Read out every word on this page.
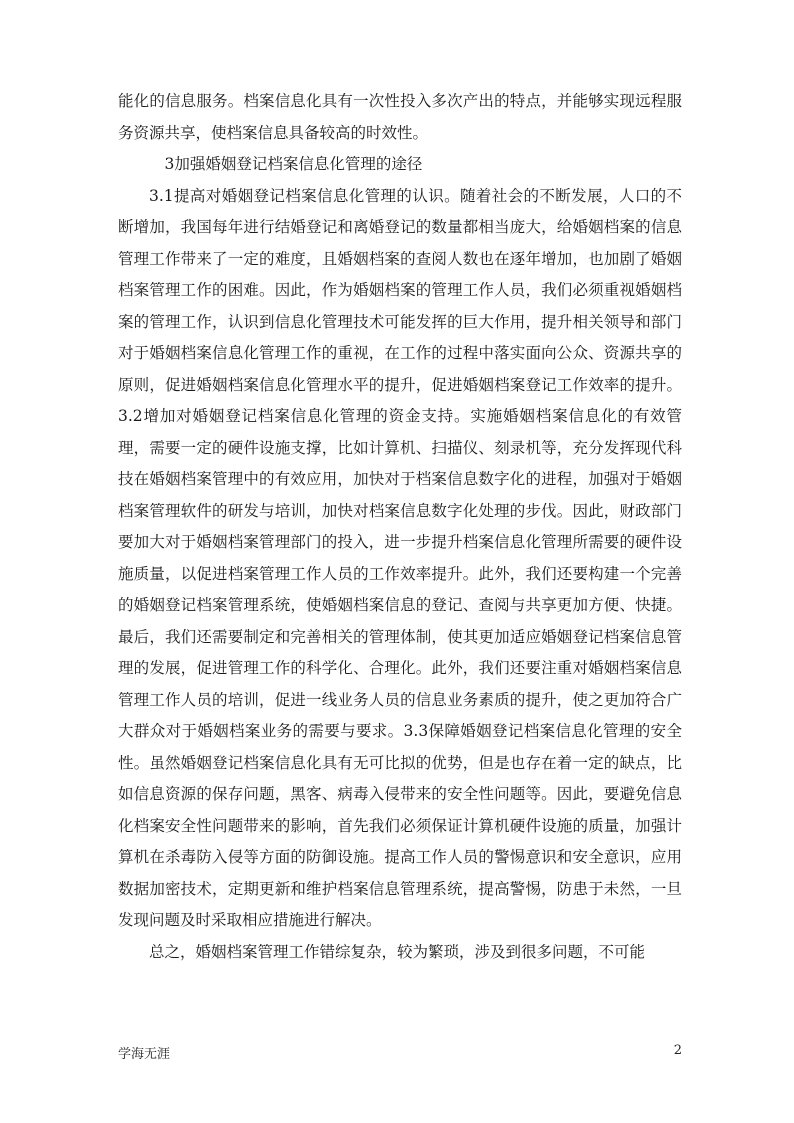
能化的信息服务。档案信息化具有一次性投入多次产出的特点，并能够实现远程服务资源共享，使档案信息具备较高的时效性。

3加强婚姻登记档案信息化管理的途径

3.1提高对婚姻登记档案信息化管理的认识。随着社会的不断发展，人口的不断增加，我国每年进行结婚登记和离婚登记的数量都相当庞大，给婚姻档案的信息管理工作带来了一定的难度，且婚姻档案的查阅人数也在逐年增加，也加剧了婚姻档案管理工作的困难。因此，作为婚姻档案的管理工作人员，我们必须重视婚姻档案的管理工作，认识到信息化管理技术可能发挥的巨大作用，提升相关领导和部门对于婚姻档案信息化管理工作的重视，在工作的过程中落实面向公众、资源共享的原则，促进婚姻档案信息化管理水平的提升，促进婚姻档案登记工作效率的提升。3.2增加对婚姻登记档案信息化管理的资金支持。实施婚姻档案信息化的有效管理，需要一定的硬件设施支撑，比如计算机、扫描仪、刻录机等，充分发挥现代科技在婚姻档案管理中的有效应用，加快对于档案信息数字化的进程，加强对于婚姻档案管理软件的研发与培训，加快对档案信息数字化处理的步伐。因此，财政部门要加大对于婚姻档案管理部门的投入，进一步提升档案信息化管理所需要的硬件设施质量，以促进档案管理工作人员的工作效率提升。此外，我们还要构建一个完善的婚姻登记档案管理系统，使婚姻档案信息的登记、查阅与共享更加方便、快捷。最后，我们还需要制定和完善相关的管理体制，使其更加适应婚姻登记档案信息管理的发展，促进管理工作的科学化、合理化。此外，我们还要注重对婚姻档案信息管理工作人员的培训，促进一线业务人员的信息业务素质的提升，使之更加符合广大群众对于婚姻档案业务的需要与要求。3.3保障婚姻登记档案信息化管理的安全性。虽然婚姻登记档案信息化具有无可比拟的优势，但是也存在着一定的缺点，比如信息资源的保存问题，黑客、病毒入侵带来的安全性问题等。因此，要避免信息化档案安全性问题带来的影响，首先我们必须保证计算机硬件设施的质量，加强计算机在杀毒防入侵等方面的防御设施。提高工作人员的警惕意识和安全意识，应用数据加密技术，定期更新和维护档案信息管理系统，提高警惕，防患于未然，一旦发现问题及时采取相应措施进行解决。

总之，婚姻档案管理工作错综复杂，较为繁琐，涉及到很多问题，不可能

学海无涯	2
